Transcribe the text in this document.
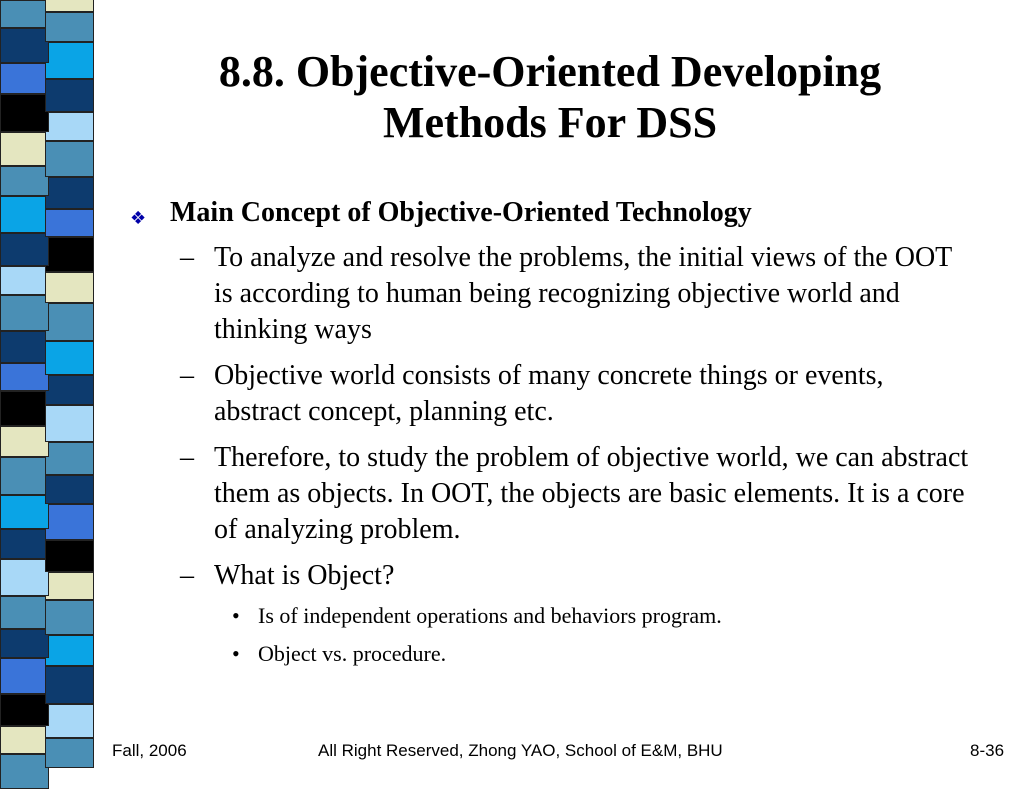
8.8. Objective-Oriented Developing
Methods For DSS
❖ Main Concept of Objective-Oriented Technology
– To analyze and resolve the problems, the initial views of the OOT is according to human being recognizing objective world and thinking ways
– Objective world consists of many concrete things or events, abstract concept, planning etc.
– Therefore, to study the problem of objective world, we can abstract them as objects. In OOT, the objects are basic elements. It is a core of analyzing problem.
– What is Object?
• Is of independent operations and behaviors program.
• Object vs. procedure.
Fall, 2006	All Right Reserved, Zhong YAO, School of E&M, BHU	8-36
